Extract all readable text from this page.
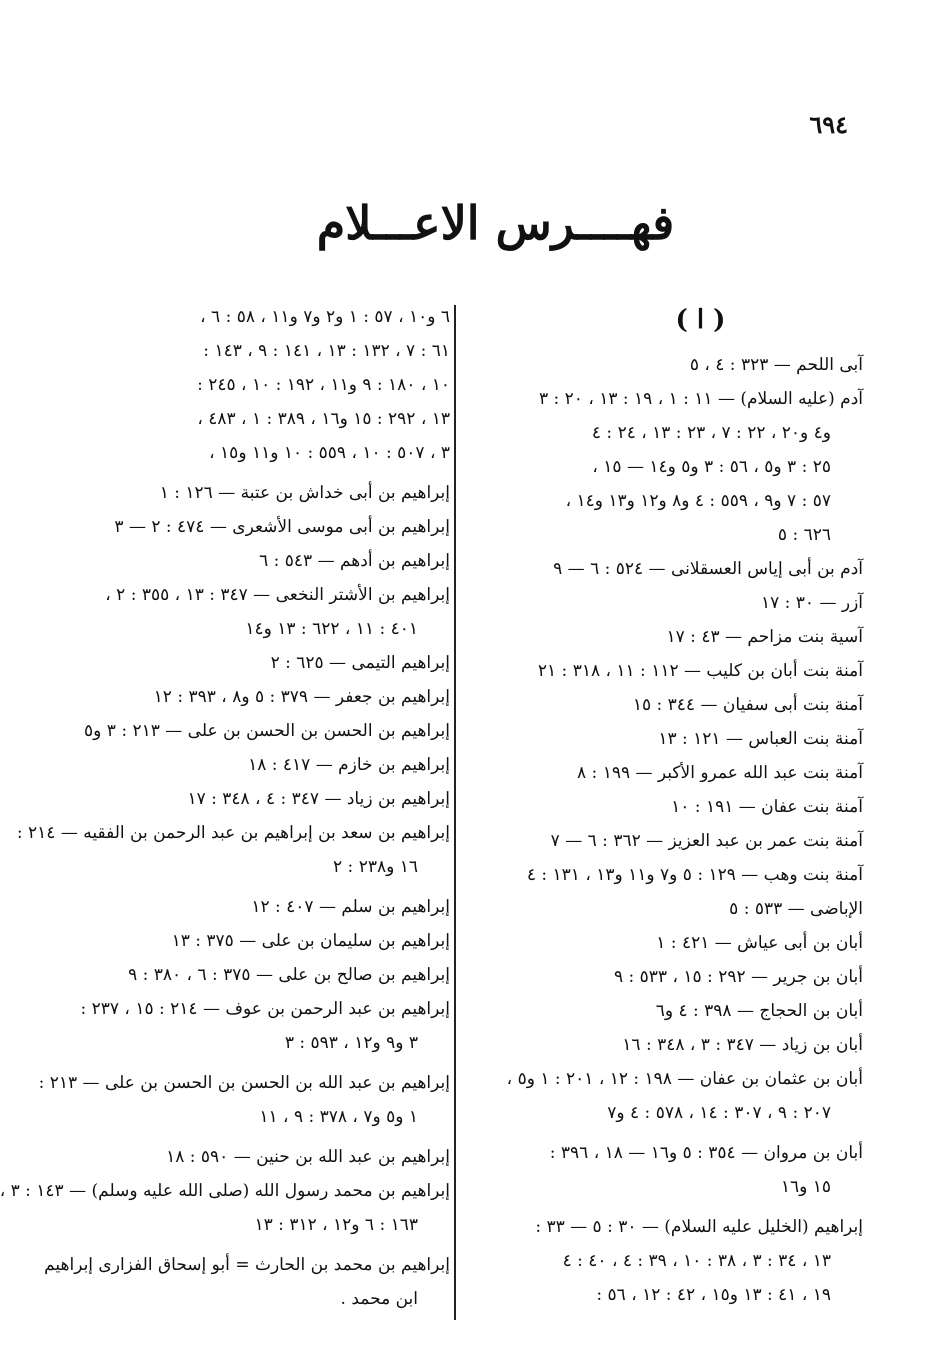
٦٩٤
فهــــرس الاعـــلام
( ا )
آبى اللحم — ٣٢٣ : ٤ ، ٥
آدم (عليه السلام) — ١١ : ١ ، ١٩ : ١٣ ، ٢٠ : ٣
و٤ و٢٠ ، ٢٢ : ٧ ، ٢٣ : ١٣ ، ٢٤ : ٤
٢٥ : ٣ و٥ ، ٥٦ : ٣ و٥ و١٤ — ١٥ ،
٥٧ : ٧ و٩ ، ٥٥٩ : ٤ و٨ و١٢ و١٣ و١٤ ،
٦٢٦ : ٥
آدم بن أبى إياس العسقلانى — ٥٢٤ : ٦ — ٩
آزر — ٣٠ : ١٧
آسية بنت مزاحم — ٤٣ : ١٧
آمنة بنت أبان بن كليب — ١١٢ : ١١ ، ٣١٨ : ٢١
آمنة بنت أبى سفيان — ٣٤٤ : ١٥
آمنة بنت العباس — ١٢١ : ١٣
آمنة بنت عبد الله عمرو الأكبر — ١٩٩ : ٨
آمنة بنت عفان — ١٩١ : ١٠
آمنة بنت عمر بن عبد العزيز — ٣٦٢ : ٦ — ٧
آمنة بنت وهب — ١٢٩ : ٥ و٧ و١١ و١٣ ، ١٣١ : ٤
الإباضى — ٥٣٣ : ٥
أبان بن أبى عياش — ٤٢١ : ١
أبان بن جرير — ٢٩٢ : ١٥ ، ٥٣٣ : ٩
أبان بن الحجاج — ٣٩٨ : ٤ و٦
أبان بن زياد — ٣٤٧ : ٣ ، ٣٤٨ : ١٦
أبان بن عثمان بن عفان — ١٩٨ : ١٢ ، ٢٠١ : ١ و٥ ،
٢٠٧ : ٩ ، ٣٠٧ : ١٤ ، ٥٧٨ : ٤ و٧
أبان بن مروان — ٣٥٤ : ٥ و١٦ — ١٨ ، ٣٩٦ :
١٥ و١٦
إبراهيم (الخليل عليه السلام) — ٣٠ : ٥ — ٣٣ :
١٣ ، ٣٤ : ٣ ، ٣٨ : ١٠ ، ٣٩ : ٤ ، ٤٠ : ٤
١٩ ، ٤١ : ١٣ و١٥ ، ٤٢ : ١٢ ، ٥٦ :
٦ و١٠ ، ٥٧ : ١ و٢ و٧ و١١ ، ٥٨ : ٦ ،
٦١ : ٧ ، ١٣٢ : ١٣ ، ١٤١ : ٩ ، ١٤٣ :
١٠ ، ١٨٠ : ٩ و١١ ، ١٩٢ : ١٠ ، ٢٤٥ :
١٣ ، ٢٩٢ : ١٥ و١٦ ، ٣٨٩ : ١ ، ٤٨٣ ،
٣ ، ٥٠٧ : ١٠ ، ٥٥٩ : ١٠ و١١ و١٥ ،
إبراهيم بن أبى خداش بن عتبة — ١٢٦ : ١
إبراهيم بن أبى موسى الأشعرى — ٤٧٤ : ٢ — ٣
إبراهيم بن أدهم — ٥٤٣ : ٦
إبراهيم بن الأشتر النخعى — ٣٤٧ : ١٣ ، ٣٥٥ : ٢ ،
٤٠١ : ١١ ، ٦٢٢ : ١٣ و١٤
إبراهيم التيمى — ٦٢٥ : ٢
إبراهيم بن جعفر — ٣٧٩ : ٥ و٨ ، ٣٩٣ : ١٢
إبراهيم بن الحسن بن الحسن بن على — ٢١٣ : ٣ و٥
إبراهيم بن خازم — ٤١٧ : ١٨
إبراهيم بن زياد — ٣٤٧ : ٤ ، ٣٤٨ : ١٧
إبراهيم بن سعد بن إبراهيم بن عبد الرحمن بن الفقيه — ٢١٤ :
١٦ و٢٣٨ : ٢
إبراهيم بن سلم — ٤٠٧ : ١٢
إبراهيم بن سليمان بن على — ٣٧٥ : ١٣
إبراهيم بن صالح بن على — ٣٧٥ : ٦ ، ٣٨٠ : ٩
إبراهيم بن عبد الرحمن بن عوف — ٢١٤ : ١٥ ، ٢٣٧ :
٣ و٩ و١٢ ، ٥٩٣ : ٣
إبراهيم بن عبد الله بن الحسن بن الحسن بن على — ٢١٣ :
١ و٥ و٧ ، ٣٧٨ : ٩ ، ١١
إبراهيم بن عبد الله بن حنين — ٥٩٠ : ١٨
إبراهيم بن محمد رسول الله (صلى الله عليه وسلم) — ١٤٣ : ٣ ،
١٦٣ : ٦ و١٢ ، ٣١٢ : ١٣
إبراهيم بن محمد بن الحارث = أبو إسحاق الفزارى إبراهيم
ابن محمد .
